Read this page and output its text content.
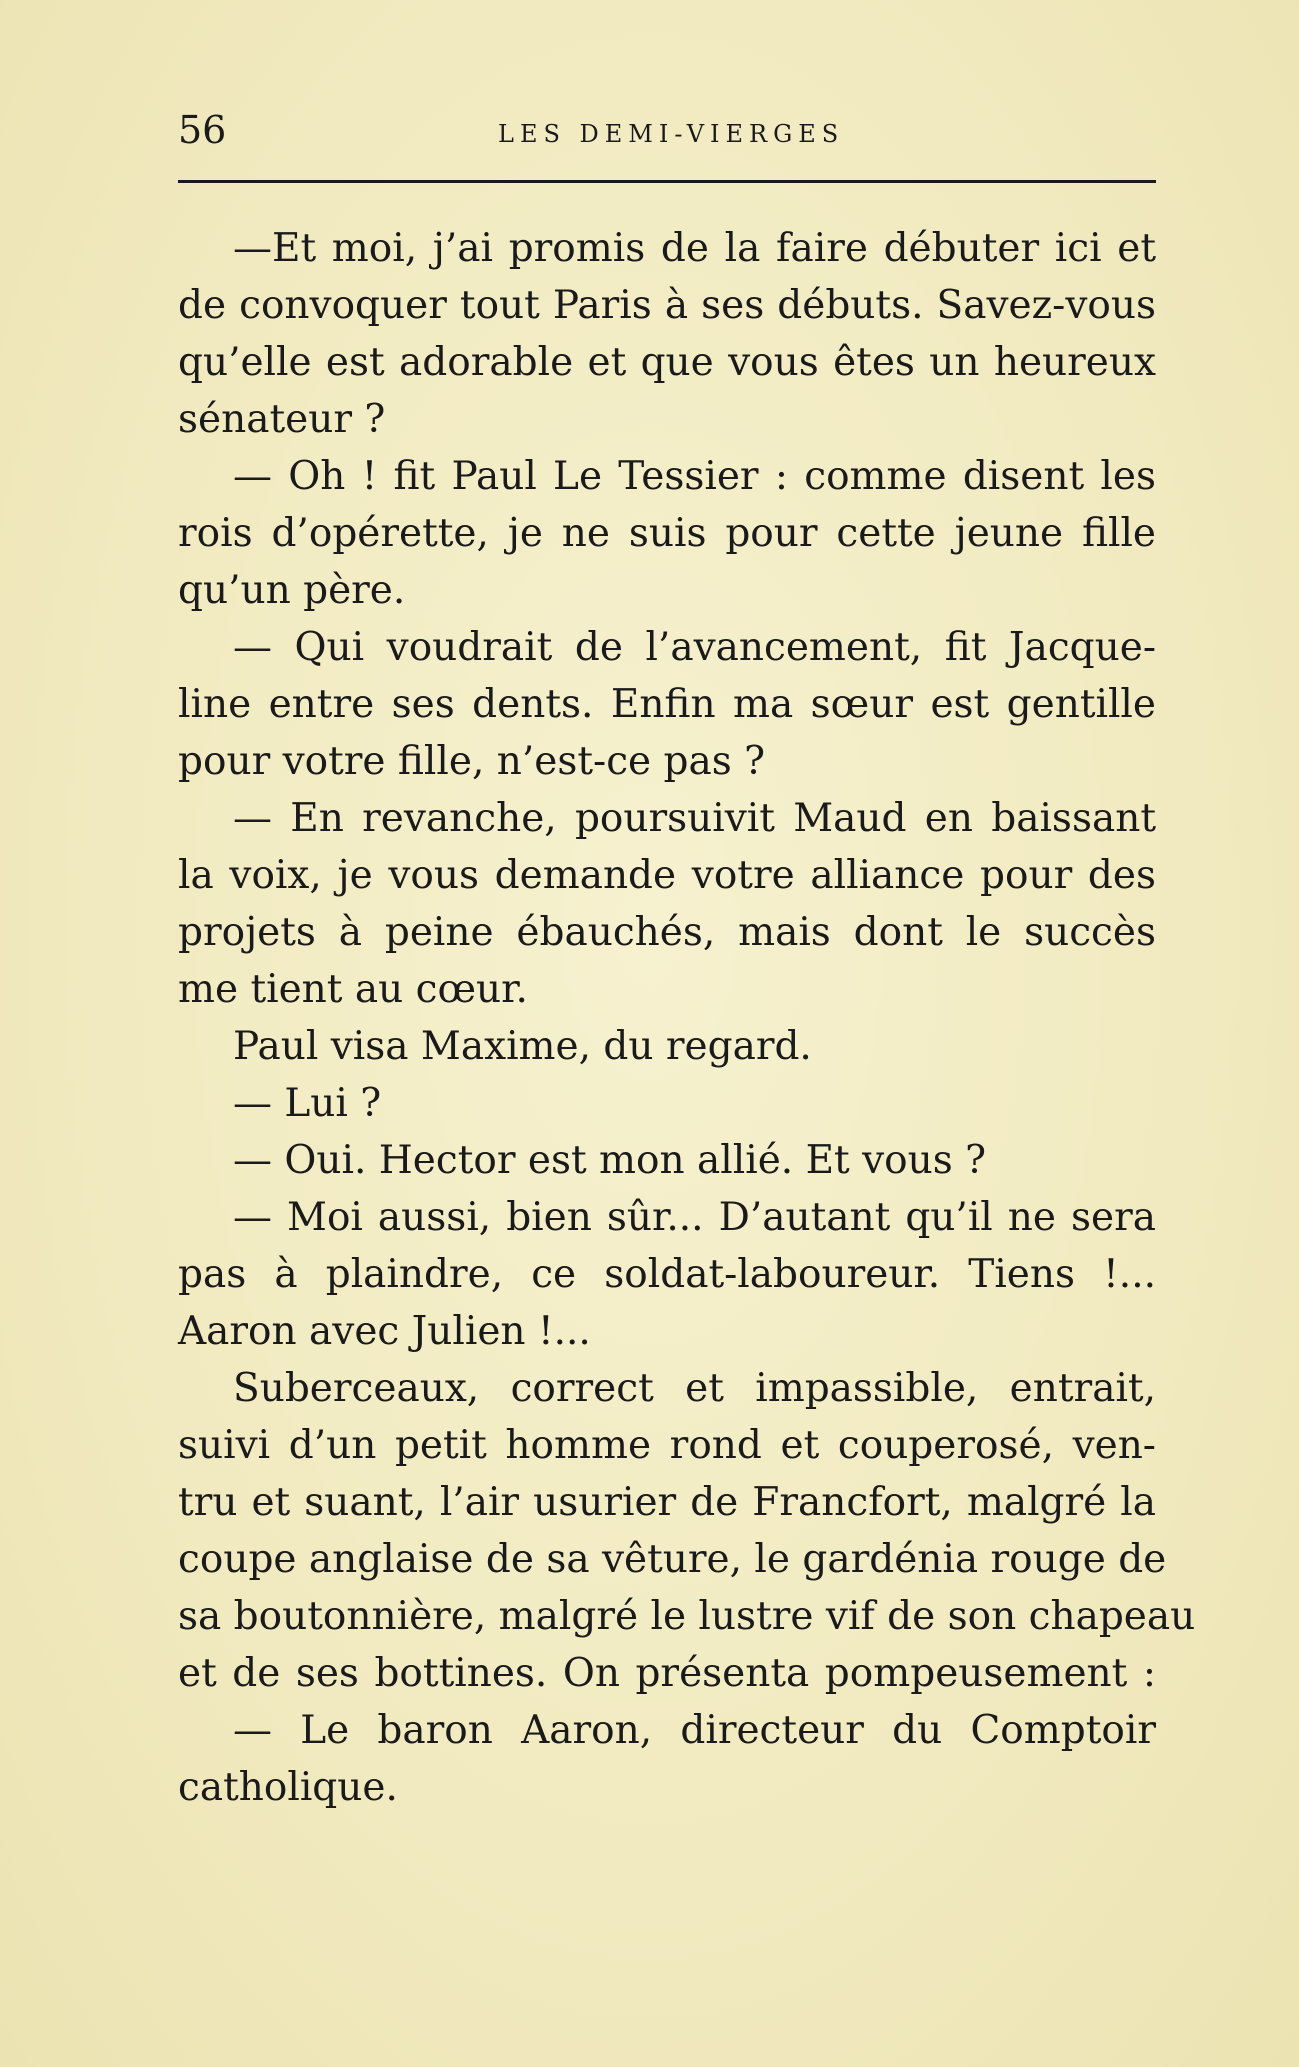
56	LES DEMI-VIERGES
—Et moi, j’ai promis de la faire débuter ici et
de convoquer tout Paris à ses débuts. Savez-vous
qu’elle est adorable et que vous êtes un heureux
sénateur ?
— Oh ! fit Paul Le Tessier : comme disent les
rois d’opérette, je ne suis pour cette jeune fille
qu’un père.
— Qui voudrait de l’avancement, fit Jacque-
line entre ses dents. Enfin ma sœur est gentille
pour votre fille, n’est-ce pas ?
— En revanche, poursuivit Maud en baissant
la voix, je vous demande votre alliance pour des
projets à peine ébauchés, mais dont le succès
me tient au cœur.
Paul visa Maxime, du regard.
— Lui ?
— Oui. Hector est mon allié. Et vous ?
— Moi aussi, bien sûr... D’autant qu’il ne sera
pas à plaindre, ce soldat-laboureur. Tiens !...
Aaron avec Julien !...
Suberceaux, correct et impassible, entrait,
suivi d’un petit homme rond et couperosé, ven-
tru et suant, l’air usurier de Francfort, malgré la
coupe anglaise de sa vêture, le gardénia rouge de
sa boutonnière, malgré le lustre vif de son chapeau
et de ses bottines. On présenta pompeusement :
— Le baron Aaron, directeur du Comptoir
catholique.
